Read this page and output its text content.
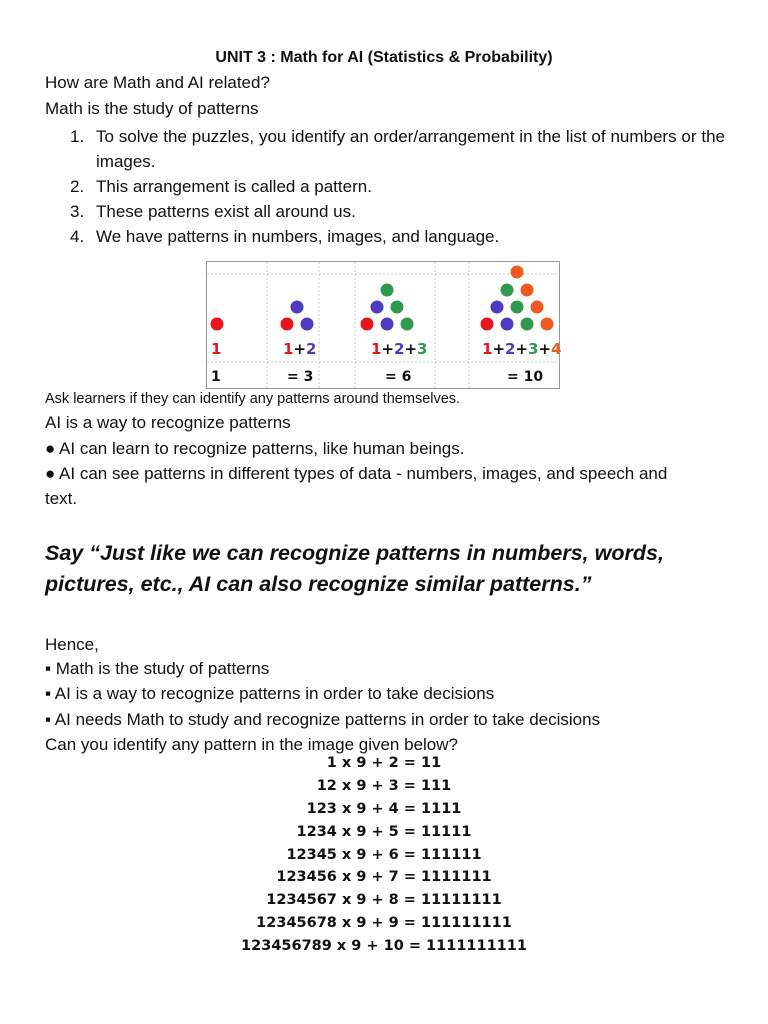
UNIT 3 : Math for AI (Statistics & Probability)
How are Math and AI related?
Math is the study of patterns
1. To solve the puzzles, you identify an order/arrangement in the list of numbers or the images.
2. This arrangement is called a pattern.
3. These patterns exist all around us.
4. We have patterns in numbers, images, and language.
1	1+2	1+2+3	1+2+3+4
1	= 3	= 6	= 10
Ask learners if they can identify any patterns around themselves.
AI is a way to recognize patterns
● AI can learn to recognize patterns, like human beings.
● AI can see patterns in different types of data - numbers, images, and speech and
text.
Say “Just like we can recognize patterns in numbers, words, pictures, etc., AI can also recognize similar patterns.”
Hence,
▪ Math is the study of patterns
▪ AI is a way to recognize patterns in order to take decisions
▪ AI needs Math to study and recognize patterns in order to take decisions
Can you identify any pattern in the image given below?
1 x 9 + 2 = 11
12 x 9 + 3 = 111
123 x 9 + 4 = 1111
1234 x 9 + 5 = 11111
12345 x 9 + 6 = 111111
123456 x 9 + 7 = 1111111
1234567 x 9 + 8 = 11111111
12345678 x 9 + 9 = 111111111
123456789 x 9 + 10 = 1111111111
